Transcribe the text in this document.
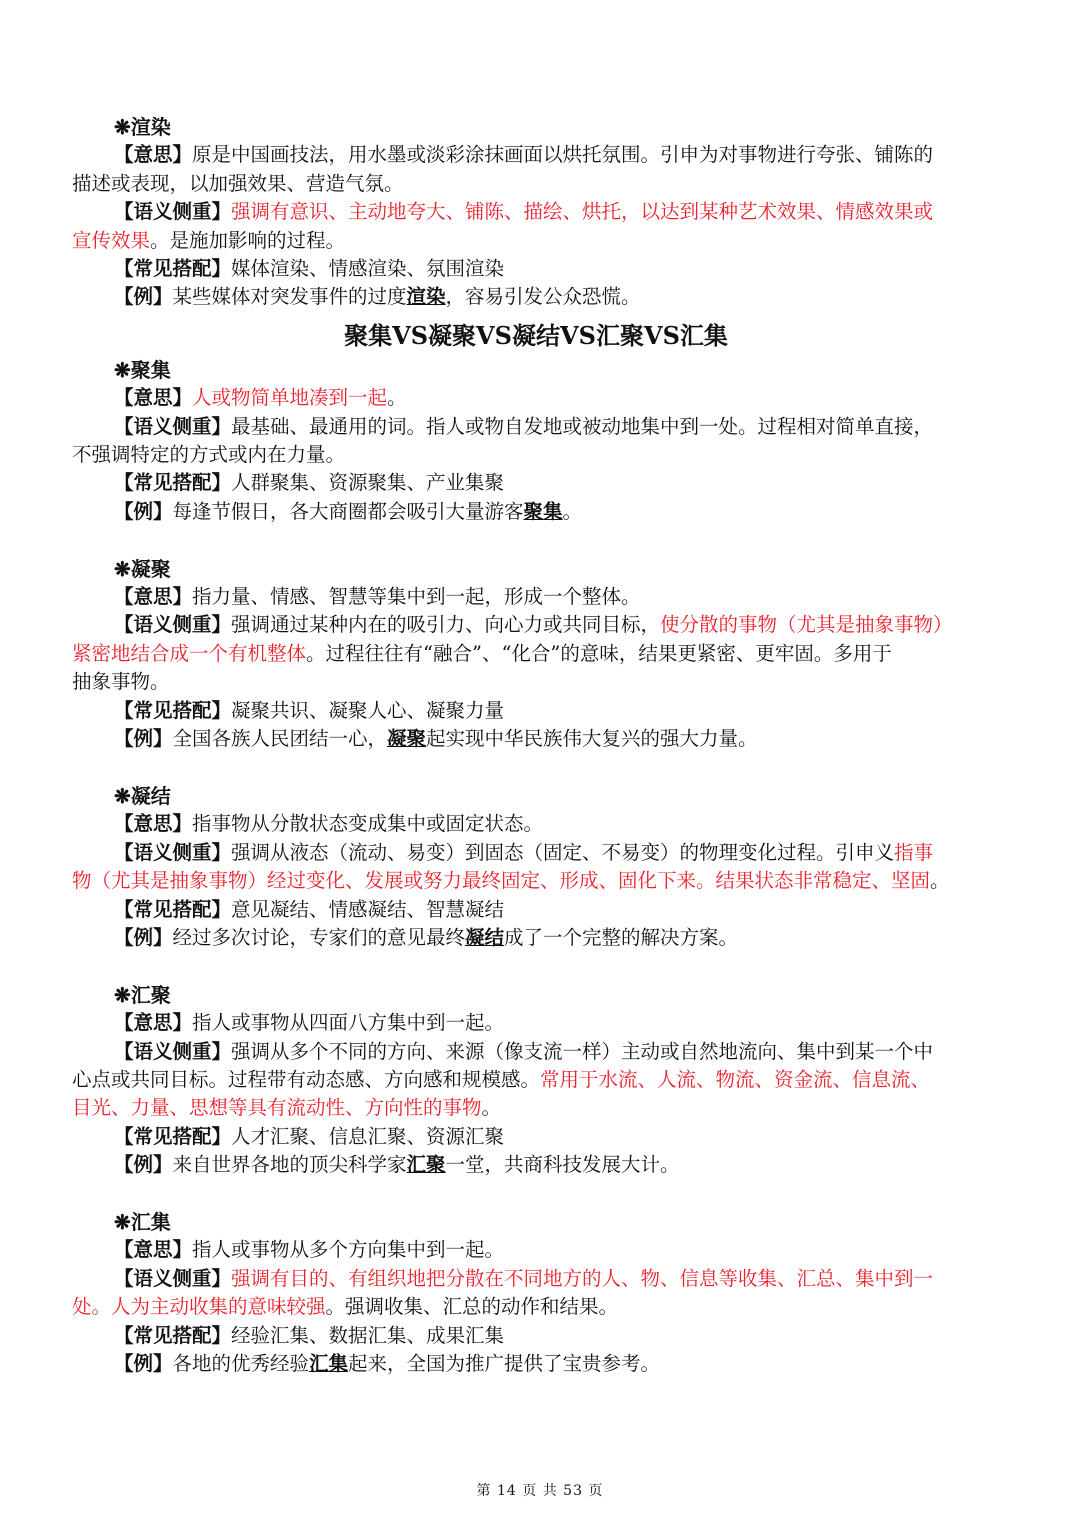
❋渲染
【意思】原是中国画技法，用水墨或淡彩涂抹画面以烘托氛围。引申为对事物进行夸张、铺陈的
描述或表现，以加强效果、营造气氛。
【语义侧重】强调有意识、主动地夸大、铺陈、描绘、烘托，以达到某种艺术效果、情感效果或
宣传效果。是施加影响的过程。
【常见搭配】媒体渲染、情感渲染、氛围渲染
【例】某些媒体对突发事件的过度渲染，容易引发公众恐慌。
聚集VS凝聚VS凝结VS汇聚VS汇集
❋聚集
【意思】人或物简单地凑到一起。
【语义侧重】最基础、最通用的词。指人或物自发地或被动地集中到一处。过程相对简单直接，
不强调特定的方式或内在力量。
【常见搭配】人群聚集、资源聚集、产业集聚
【例】每逢节假日，各大商圈都会吸引大量游客聚集。
❋凝聚
【意思】指力量、情感、智慧等集中到一起，形成一个整体。
【语义侧重】强调通过某种内在的吸引力、向心力或共同目标，使分散的事物（尤其是抽象事物）
紧密地结合成一个有机整体。过程往往有“融合”、“化合”的意味，结果更紧密、更牢固。多用于
抽象事物。
【常见搭配】凝聚共识、凝聚人心、凝聚力量
【例】全国各族人民团结一心，凝聚起实现中华民族伟大复兴的强大力量。
❋凝结
【意思】指事物从分散状态变成集中或固定状态。
【语义侧重】强调从液态（流动、易变）到固态（固定、不易变）的物理变化过程。引申义指事
物（尤其是抽象事物）经过变化、发展或努力最终固定、形成、固化下来。结果状态非常稳定、坚固。
【常见搭配】意见凝结、情感凝结、智慧凝结
【例】经过多次讨论，专家们的意见最终凝结成了一个完整的解决方案。
❋汇聚
【意思】指人或事物从四面八方集中到一起。
【语义侧重】强调从多个不同的方向、来源（像支流一样）主动或自然地流向、集中到某一个中
心点或共同目标。过程带有动态感、方向感和规模感。常用于水流、人流、物流、资金流、信息流、
目光、力量、思想等具有流动性、方向性的事物。
【常见搭配】人才汇聚、信息汇聚、资源汇聚
【例】来自世界各地的顶尖科学家汇聚一堂，共商科技发展大计。
❋汇集
【意思】指人或事物从多个方向集中到一起。
【语义侧重】强调有目的、有组织地把分散在不同地方的人、物、信息等收集、汇总、集中到一
处。人为主动收集的意味较强。强调收集、汇总的动作和结果。
【常见搭配】经验汇集、数据汇集、成果汇集
【例】各地的优秀经验汇集起来，全国为推广提供了宝贵参考。
第 14 页 共 53 页
